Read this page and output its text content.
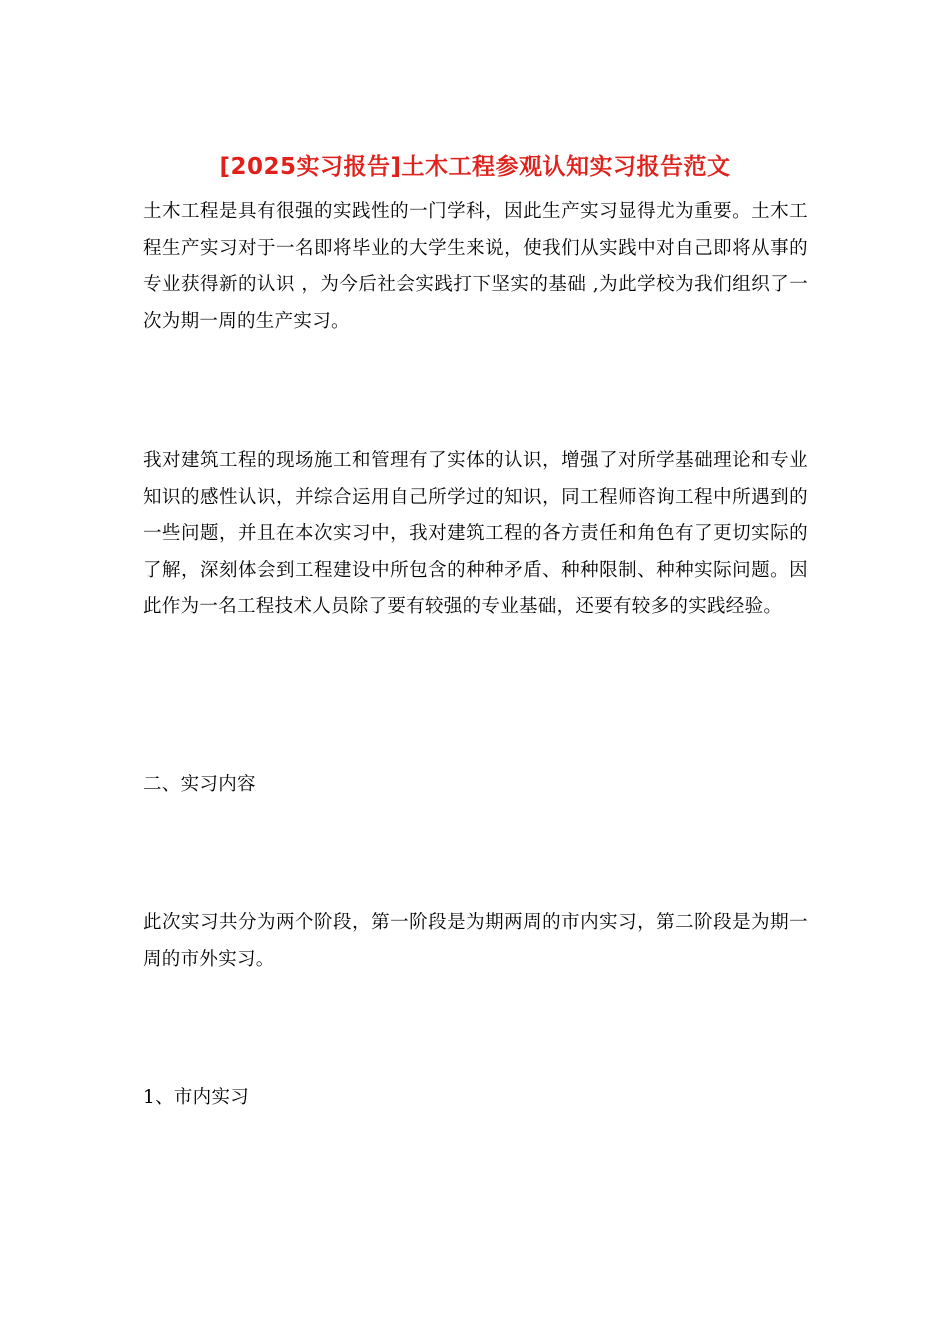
[2025实习报告]土木工程参观认知实习报告范文

土木工程是具有很强的实践性的一门学科，因此生产实习显得尤为重要。土木工程生产实习对于一名即将毕业的大学生来说，使我们从实践中对自己即将从事的专业获得新的认识 ，为今后社会实践打下坚实的基础 ,为此学校为我们组织了一次为期一周的生产实习。

我对建筑工程的现场施工和管理有了实体的认识，增强了对所学基础理论和专业知识的感性认识，并综合运用自己所学过的知识，同工程师咨询工程中所遇到的一些问题，并且在本次实习中，我对建筑工程的各方责任和角色有了更切实际的了解，深刻体会到工程建设中所包含的种种矛盾、种种限制、种种实际问题。因此作为一名工程技术人员除了要有较强的专业基础，还要有较多的实践经验。

二、实习内容

此次实习共分为两个阶段，第一阶段是为期两周的市内实习，第二阶段是为期一周的市外实习。

1、市内实习
